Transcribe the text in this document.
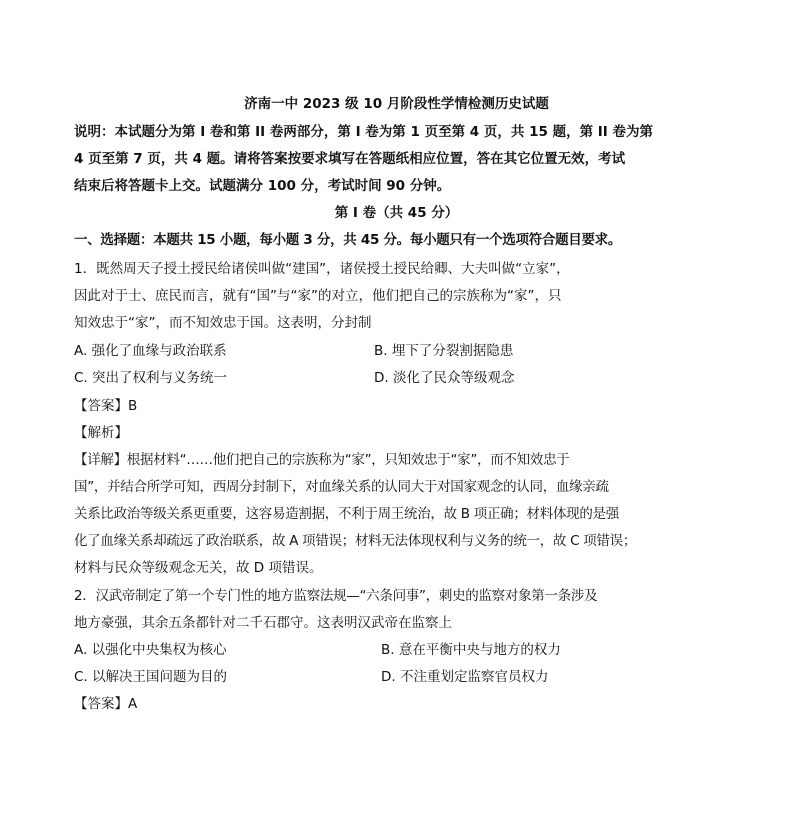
济南一中 2023 级 10 月阶段性学情检测历史试题
说明：本试题分为第 I 卷和第 II 卷两部分，第 I 卷为第 1 页至第 4 页，共 15 题，第 II 卷为第
4 页至第 7 页，共 4 题。请将答案按要求填写在答题纸相应位置，答在其它位置无效，考试
结束后将答题卡上交。试题满分 100 分，考试时间 90 分钟。
第 I 卷（共 45 分）
一、选择题：本题共 15 小题，每小题 3 分，共 45 分。每小题只有一个选项符合题目要求。
1．既然周天子授土授民给诸侯叫做“建国”，诸侯授土授民给卿、大夫叫做“立家”，
因此对于士、庶民而言，就有“国”与“家”的对立，他们把自己的宗族称为“家”，只
知效忠于“家”，而不知效忠于国。这表明，分封制
A. 强化了血缘与政治联系	B. 埋下了分裂割据隐患
C. 突出了权利与义务统一	D. 淡化了民众等级观念
【答案】B
【解析】
【详解】根据材料“……他们把自己的宗族称为“家”，只知效忠于“家”，而不知效忠于
国”，并结合所学可知，西周分封制下，对血缘关系的认同大于对国家观念的认同，血缘亲疏
关系比政治等级关系更重要，这容易造割据，不利于周王统治，故 B 项正确；材料体现的是强
化了血缘关系却疏远了政治联系，故 A 项错误；材料无法体现权利与义务的统一，故 C 项错误；
材料与民众等级观念无关，故 D 项错误。
2．汉武帝制定了第一个专门性的地方监察法规—“六条问事”，刺史的监察对象第一条涉及
地方豪强，其余五条都针对二千石郡守。这表明汉武帝在监察上
A. 以强化中央集权为核心	B. 意在平衡中央与地方的权力
C. 以解决王国问题为目的	D. 不注重划定监察官员权力
【答案】A
